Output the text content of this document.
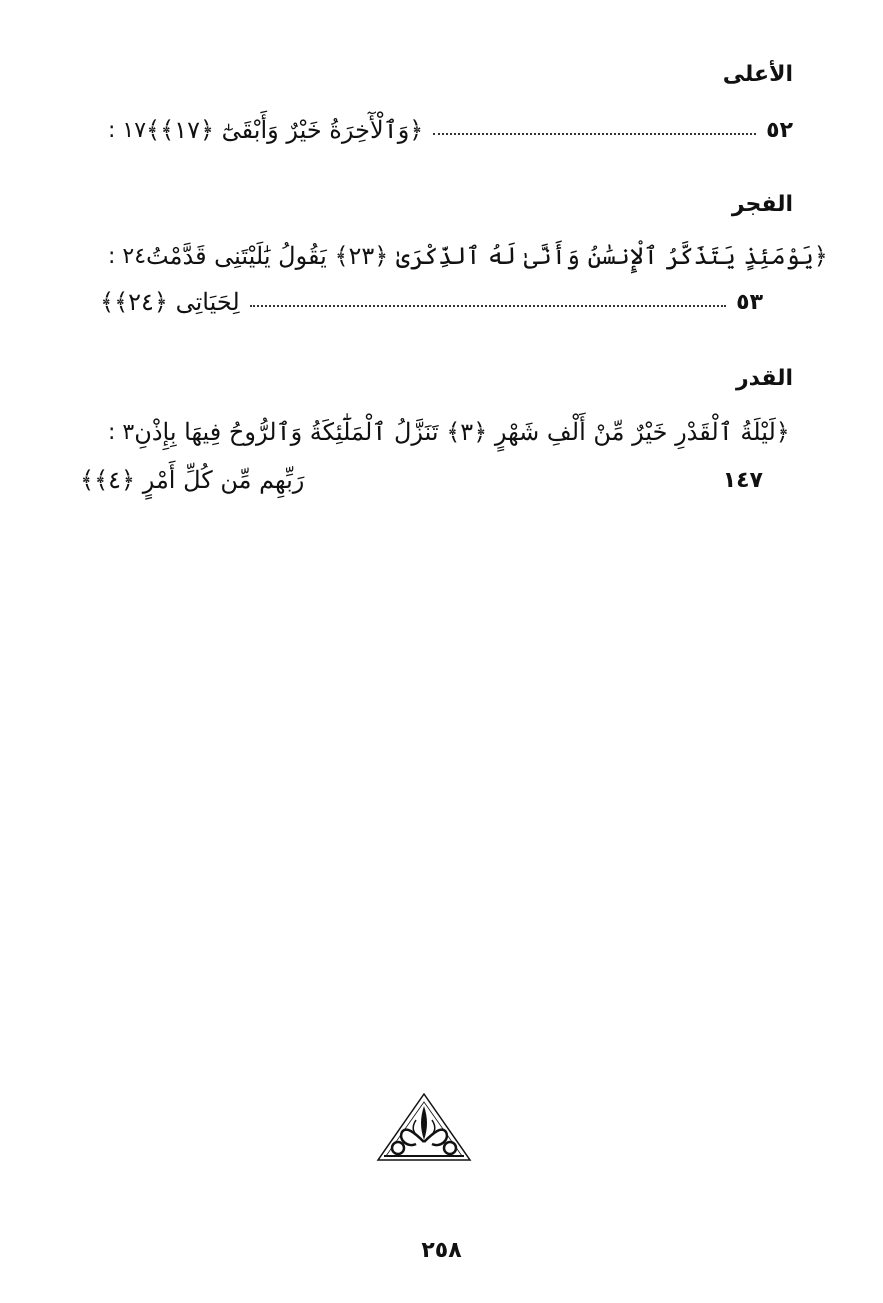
الأعلى
١٧ : ﴿وَٱلْأٓخِرَةُ خَيْرٌ وَأَبْقَىٰٓ ﴿١٧﴾﴾	٥٢
الفجر
٢٤ : ﴿يَوْمَئِذٍ يَتَذَكَّرُ ٱلْإِنسَٰنُ وَأَنَّىٰ لَهُ ٱلذِّكْرَىٰ ﴿٢٣﴾ يَقُولُ يَٰلَيْتَنِى قَدَّمْتُ
لِحَيَاتِى ﴿٢٤﴾﴾	٥٣
القدر
٣ : ﴿لَيْلَةُ ٱلْقَدْرِ خَيْرٌ مِّنْ أَلْفِ شَهْرٍ ﴿٣﴾ تَنَزَّلُ ٱلْمَلَٰٓئِكَةُ وَٱلرُّوحُ فِيهَا بِإِذْنِ
رَبِّهِم مِّن كُلِّ أَمْرٍ ﴿٤﴾﴾	١٤٧
٢٥٨
